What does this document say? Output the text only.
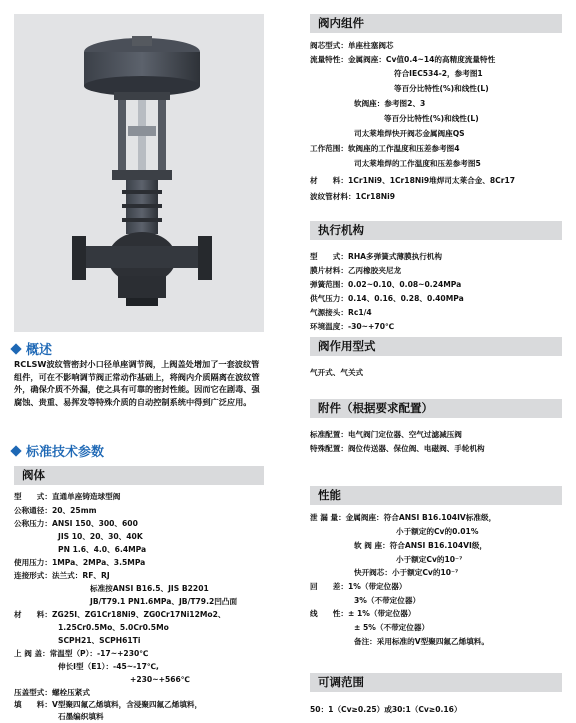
概述
RCLSW波纹管密封小口径单座调节阀，上阀盖处增加了一套波纹管组件，可在不影响调节阀正常动作基础上，将阀内介质隔离在波纹管外，确保介质不外漏，使之具有可靠的密封性能。因而它在剧毒、强腐蚀、贵重、易挥发等特殊介质的自动控制系统中得到广泛应用。
标准技术参数
阀体
型　　式：直通单座铸造球型阀
公称通径：20、25mm
公称压力：ANSI 150、300、600
JIS 10、20、30、40K
PN 1.6、4.0、6.4MPa
使用压力：1MPa、2MPa、3.5MPa
连接形式：法兰式：RF、RJ
标准按ANSI B16.5、JIS B2201
JB/T79.1 PN1.6MPa、JB/T79.2凹凸面
材　　料：ZG25I、ZG1Cr18Ni9、ZG0Cr17Ni12Mo2、
1.25Cr0.5Mo、5.0Cr0.5Mo
SCPH21、SCPH61Ti
上 阀 盖：常温型（P）：-17~+230℃
伸长Ⅰ型（E1）：-45~-17℃,
+230~+566℃
压盖型式：螺栓压紧式
填　　料：V型聚四氟乙烯填料，含浸聚四氟乙烯填料，
石墨编织填料
阀内组件
阀芯型式：单座柱塞阀芯
流量特性：金属阀座：Cv值0.4~14的高精度流量特性
符合IEC534-2，参考图1
等百分比特性(%)和线性(L)
软阀座：参考图2、3
等百分比特性(%)和线性(L)
司太莱堆焊快开阀芯金属阀座QS
工作范围：软阀座的工作温度和压差参考图4
司太莱堆焊的工作温度和压差参考图5
材　　料：1Cr1Ni9、1Cr18Ni9堆焊司太莱合金、8Cr17
波纹管材料：1Cr18Ni9
执行机构
型　　式：RHA多弹簧式薄膜执行机构
膜片材料：乙丙橡胶夹尼龙
弹簧范围：0.02~0.10、0.08~0.24MPa
供气压力：0.14、0.16、0.28、0.40MPa
气源接头：Rc1/4
环境温度：-30~+70℃
阀作用型式
气开式、气关式
附件（根据要求配置）
标准配置：电气阀门定位器、空气过滤减压阀
特殊配置：阀位传送器、保位阀、电磁阀、手轮机构
性能
泄 漏 量：金属阀座：符合ANSI B16.104IV标准级，
小于额定的Cv的0.01%
软 阀 座：符合ANSI B16.104VI级，
小于额定Cv的10⁻⁷
快开阀芯：小于额定Cv的10⁻⁷
回　　差：1%（带定位器）
3%（不带定位器）
线　　性：± 1%（带定位器）
± 5%（不带定位器）
备注：采用标准的V型聚四氟乙烯填料。
可调范围
50：1（Cv≥0.25）或30:1（Cv≥0.16）
